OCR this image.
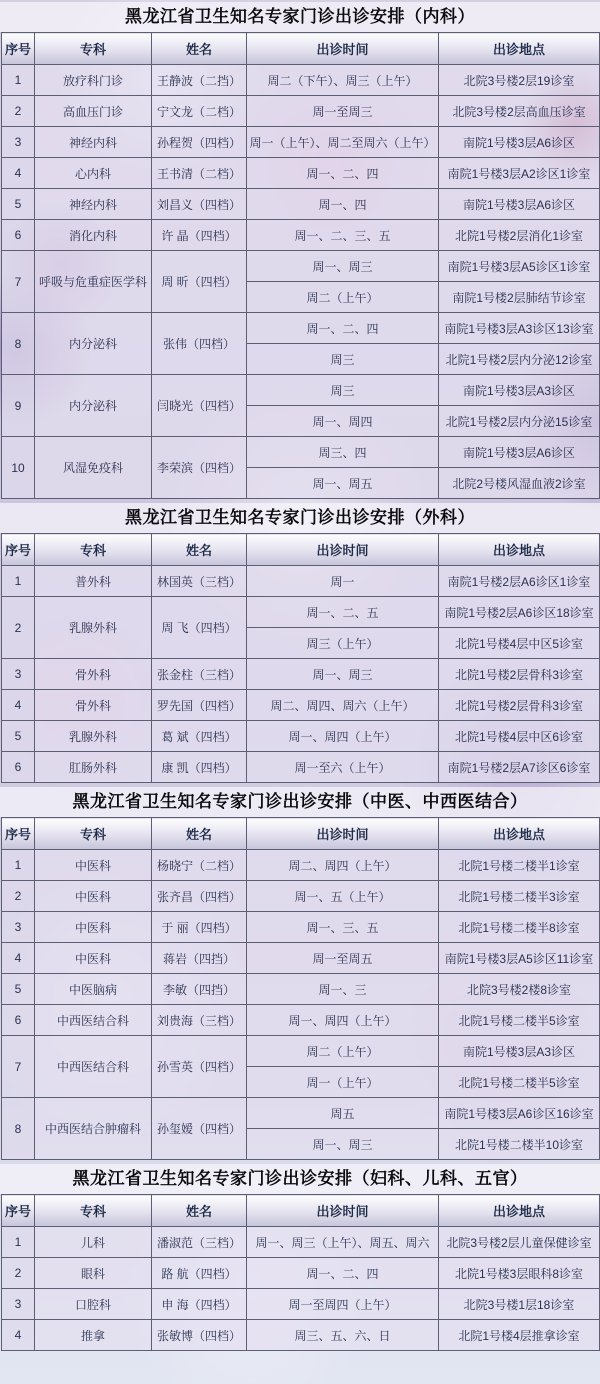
黑龙江省卫生知名专家门诊出诊安排（内科）
序号	专科	姓名	出诊时间	出诊地点
1	放疗科门诊	王静波（二挡）	周二（下午）、周三（上午）	北院3号楼2层19诊室
2	高血压门诊	宁文龙（二档）	周一至周三	北院3号楼2层高血压诊室
3	神经内科	孙程贺（四档）	周一（上午）、周二至周六（上午）	南院1号楼3层A6诊区
4	心内科	王书清（二档）	周一、二、四	南院1号楼3层A2诊区1诊室
5	神经内科	刘昌义（四档）	周一、四	南院1号楼3层A6诊区
6	消化内科	许 晶（四档）	周一、二、三、五	北院1号楼2层消化1诊室
7	呼吸与危重症医学科	周 昕（四档）	周一、周三	南院1号楼3层A5诊区1诊室
			周二（上午）	南院1号楼2层肺结节诊室
8	内分泌科	张伟（四档）	周一、二、四	南院1号楼3层A3诊区13诊室
			周三	北院1号楼2层内分泌12诊室
9	内分泌科	闫晓光（四档）	周三	南院1号楼3层A3诊区
			周一、周四	北院1号楼2层内分泌15诊室
10	风湿免疫科	李荣滨（四档）	周三、四	南院1号楼3层A6诊区
			周一、周五	北院2号楼风湿血液2诊室
黑龙江省卫生知名专家门诊出诊安排（外科）
序号	专科	姓名	出诊时间	出诊地点
1	普外科	林国英（三档）	周一	南院1号楼2层A6诊区1诊室
2	乳腺外科	周 飞（四档）	周一、二、五	南院1号楼2层A6诊区18诊室
			周三（上午）	北院1号楼4层中区5诊室
3	骨外科	张金柱（三档）	周一、周三	北院1号楼2层骨科3诊室
4	骨外科	罗先国（四档）	周二、周四、周六（上午）	北院1号楼2层骨科3诊室
5	乳腺外科	葛 斌（四档）	周一、周四（上午）	北院1号楼4层中区6诊室
6	肛肠外科	康 凯（四档）	周一至六（上午）	南院1号楼2层A7诊区6诊室
黑龙江省卫生知名专家门诊出诊安排（中医、中西医结合）
序号	专科	姓名	出诊时间	出诊地点
1	中医科	杨晓宁（二档）	周二、周四（上午）	北院1号楼二楼半1诊室
2	中医科	张齐昌（四档）	周一、五（上午）	北院1号楼二楼半3诊室
3	中医科	于 丽（四档）	周一、三、五	北院1号楼二楼半8诊室
4	中医科	蒋岩（四挡）	周一至周五	南院1号楼3层A5诊区11诊室
5	中医脑病	李敏（四挡）	周一、三	北院3号楼2楼8诊室
6	中西医结合科	刘贵海（三档）	周一、周四（上午）	北院1号楼二楼半5诊室
7	中西医结合科	孙雪英（四档）	周二（上午）	南院1号楼3层A3诊区
			周一（上午）	北院1号楼二楼半5诊室
8	中西医结合肿瘤科	孙玺嫒（四档）	周五	南院1号楼3层A6诊区16诊室
			周一、周三	北院1号楼二楼半10诊室
黑龙江省卫生知名专家门诊出诊安排（妇科、儿科、五官）
序号	专科	姓名	出诊时间	出诊地点
1	儿科	潘淑范（三档）	周一、周三（上午）、周五、周六	北院3号楼2层儿童保健诊室
2	眼科	路 航（四档）	周一、二、四	北院1号楼3层眼科8诊室
3	口腔科	申 海（四档）	周一至周四（上午）	北院3号楼1层18诊室
4	推拿	张敏博（四档）	周三、五、六、日	北院1号楼4层推拿诊室
